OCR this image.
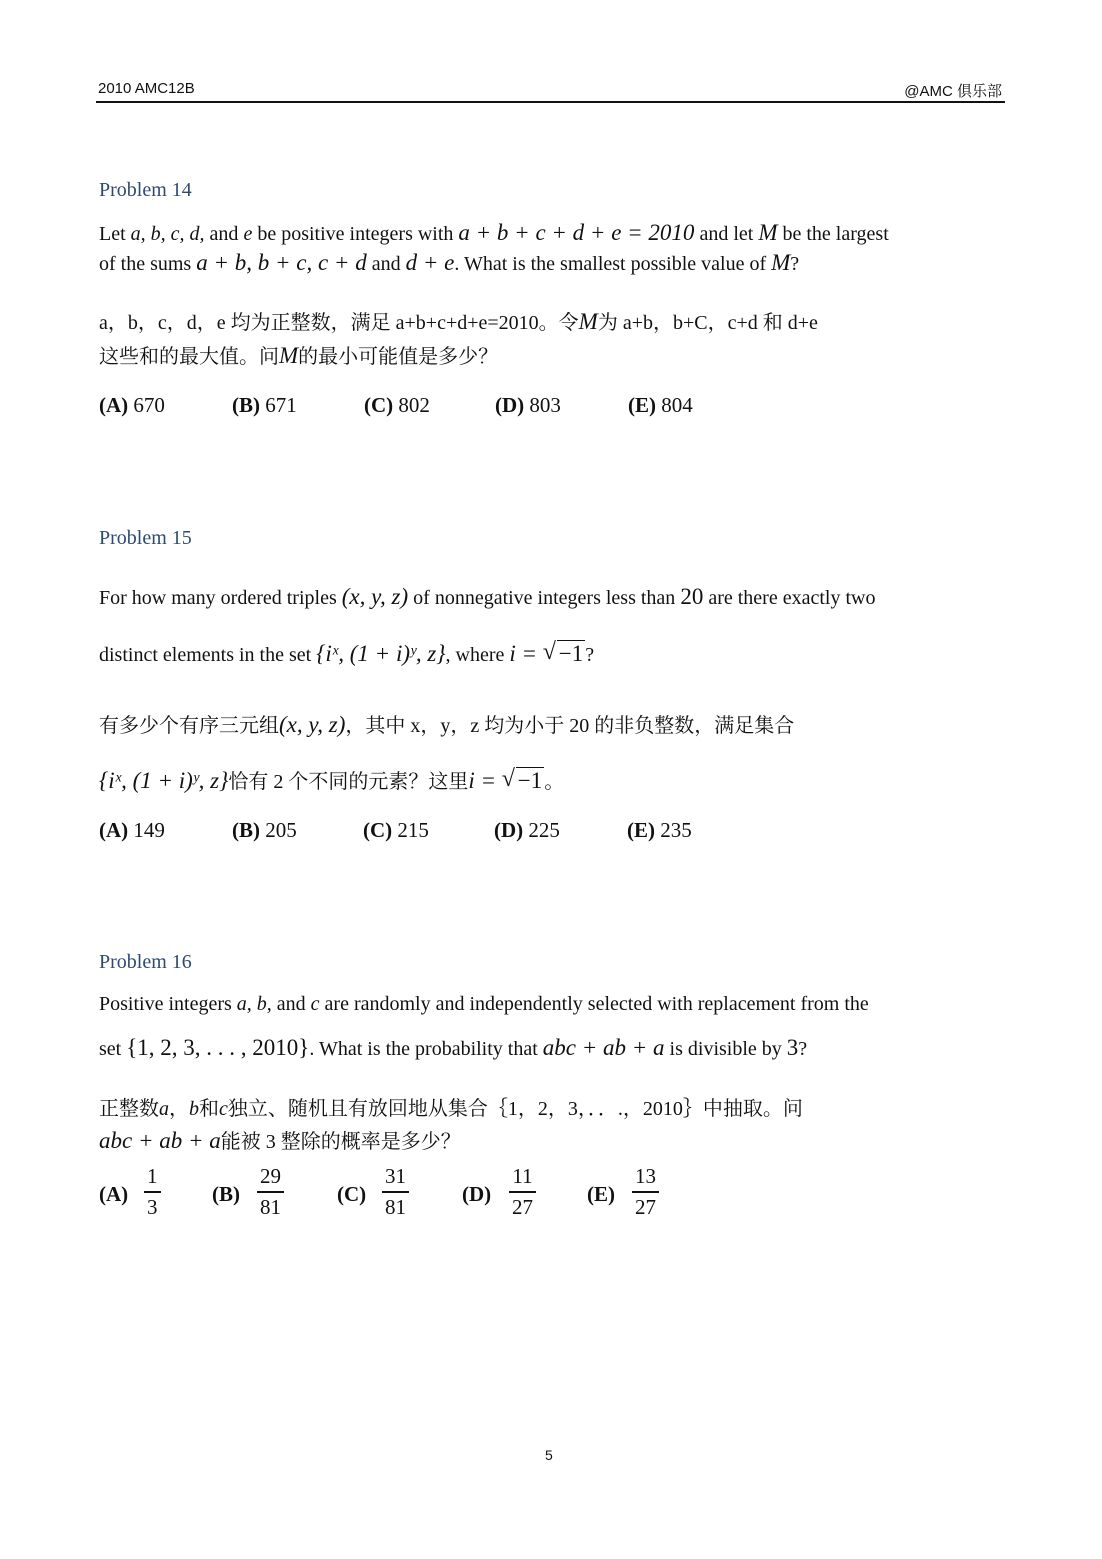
2010 AMC12B	@AMC 俱乐部
Problem 14
Let a, b, c, d, and e be positive integers with a + b + c + d + e = 2010 and let M be the largest
of the sums a + b, b + c, c + d and d + e. What is the smallest possible value of M?
a，b，c，d，e 均为正整数，满足 a+b+c+d+e=2010。令M为 a+b，b+C，c+d 和 d+e
这些和的最大值。问M的最小可能值是多少？
(A) 670	(B) 671	(C) 802	(D) 803	(E) 804
Problem 15
For how many ordered triples (x, y, z) of nonnegative integers less than 20 are there exactly two
distinct elements in the set {iˣ, (1 + i)ʸ, z}, where i = √ −1 ?
有多少个有序三元组(x, y, z)，其中 x，y，z 均为小于 20 的非负整数，满足集合
{iˣ, (1 + i)ʸ, z}恰有 2 个不同的元素？这里i = √ −1 。
(A) 149	(B) 205	(C) 215	(D) 225	(E) 235
Problem 16
Positive integers a, b, and c are randomly and independently selected with replacement from the
set {1, 2, 3, . . . , 2010}. What is the probability that abc + ab + a is divisible by 3?
正整数a，b和c独立、随机且有放回地从集合｛1，2，3，．．.，2010｝中抽取。问
abc + ab + a能被 3 整除的概率是多少？
(A)
1
3
(B)
29
81
(C)
31
81
(D)
11
27
(E)
13
27
5
